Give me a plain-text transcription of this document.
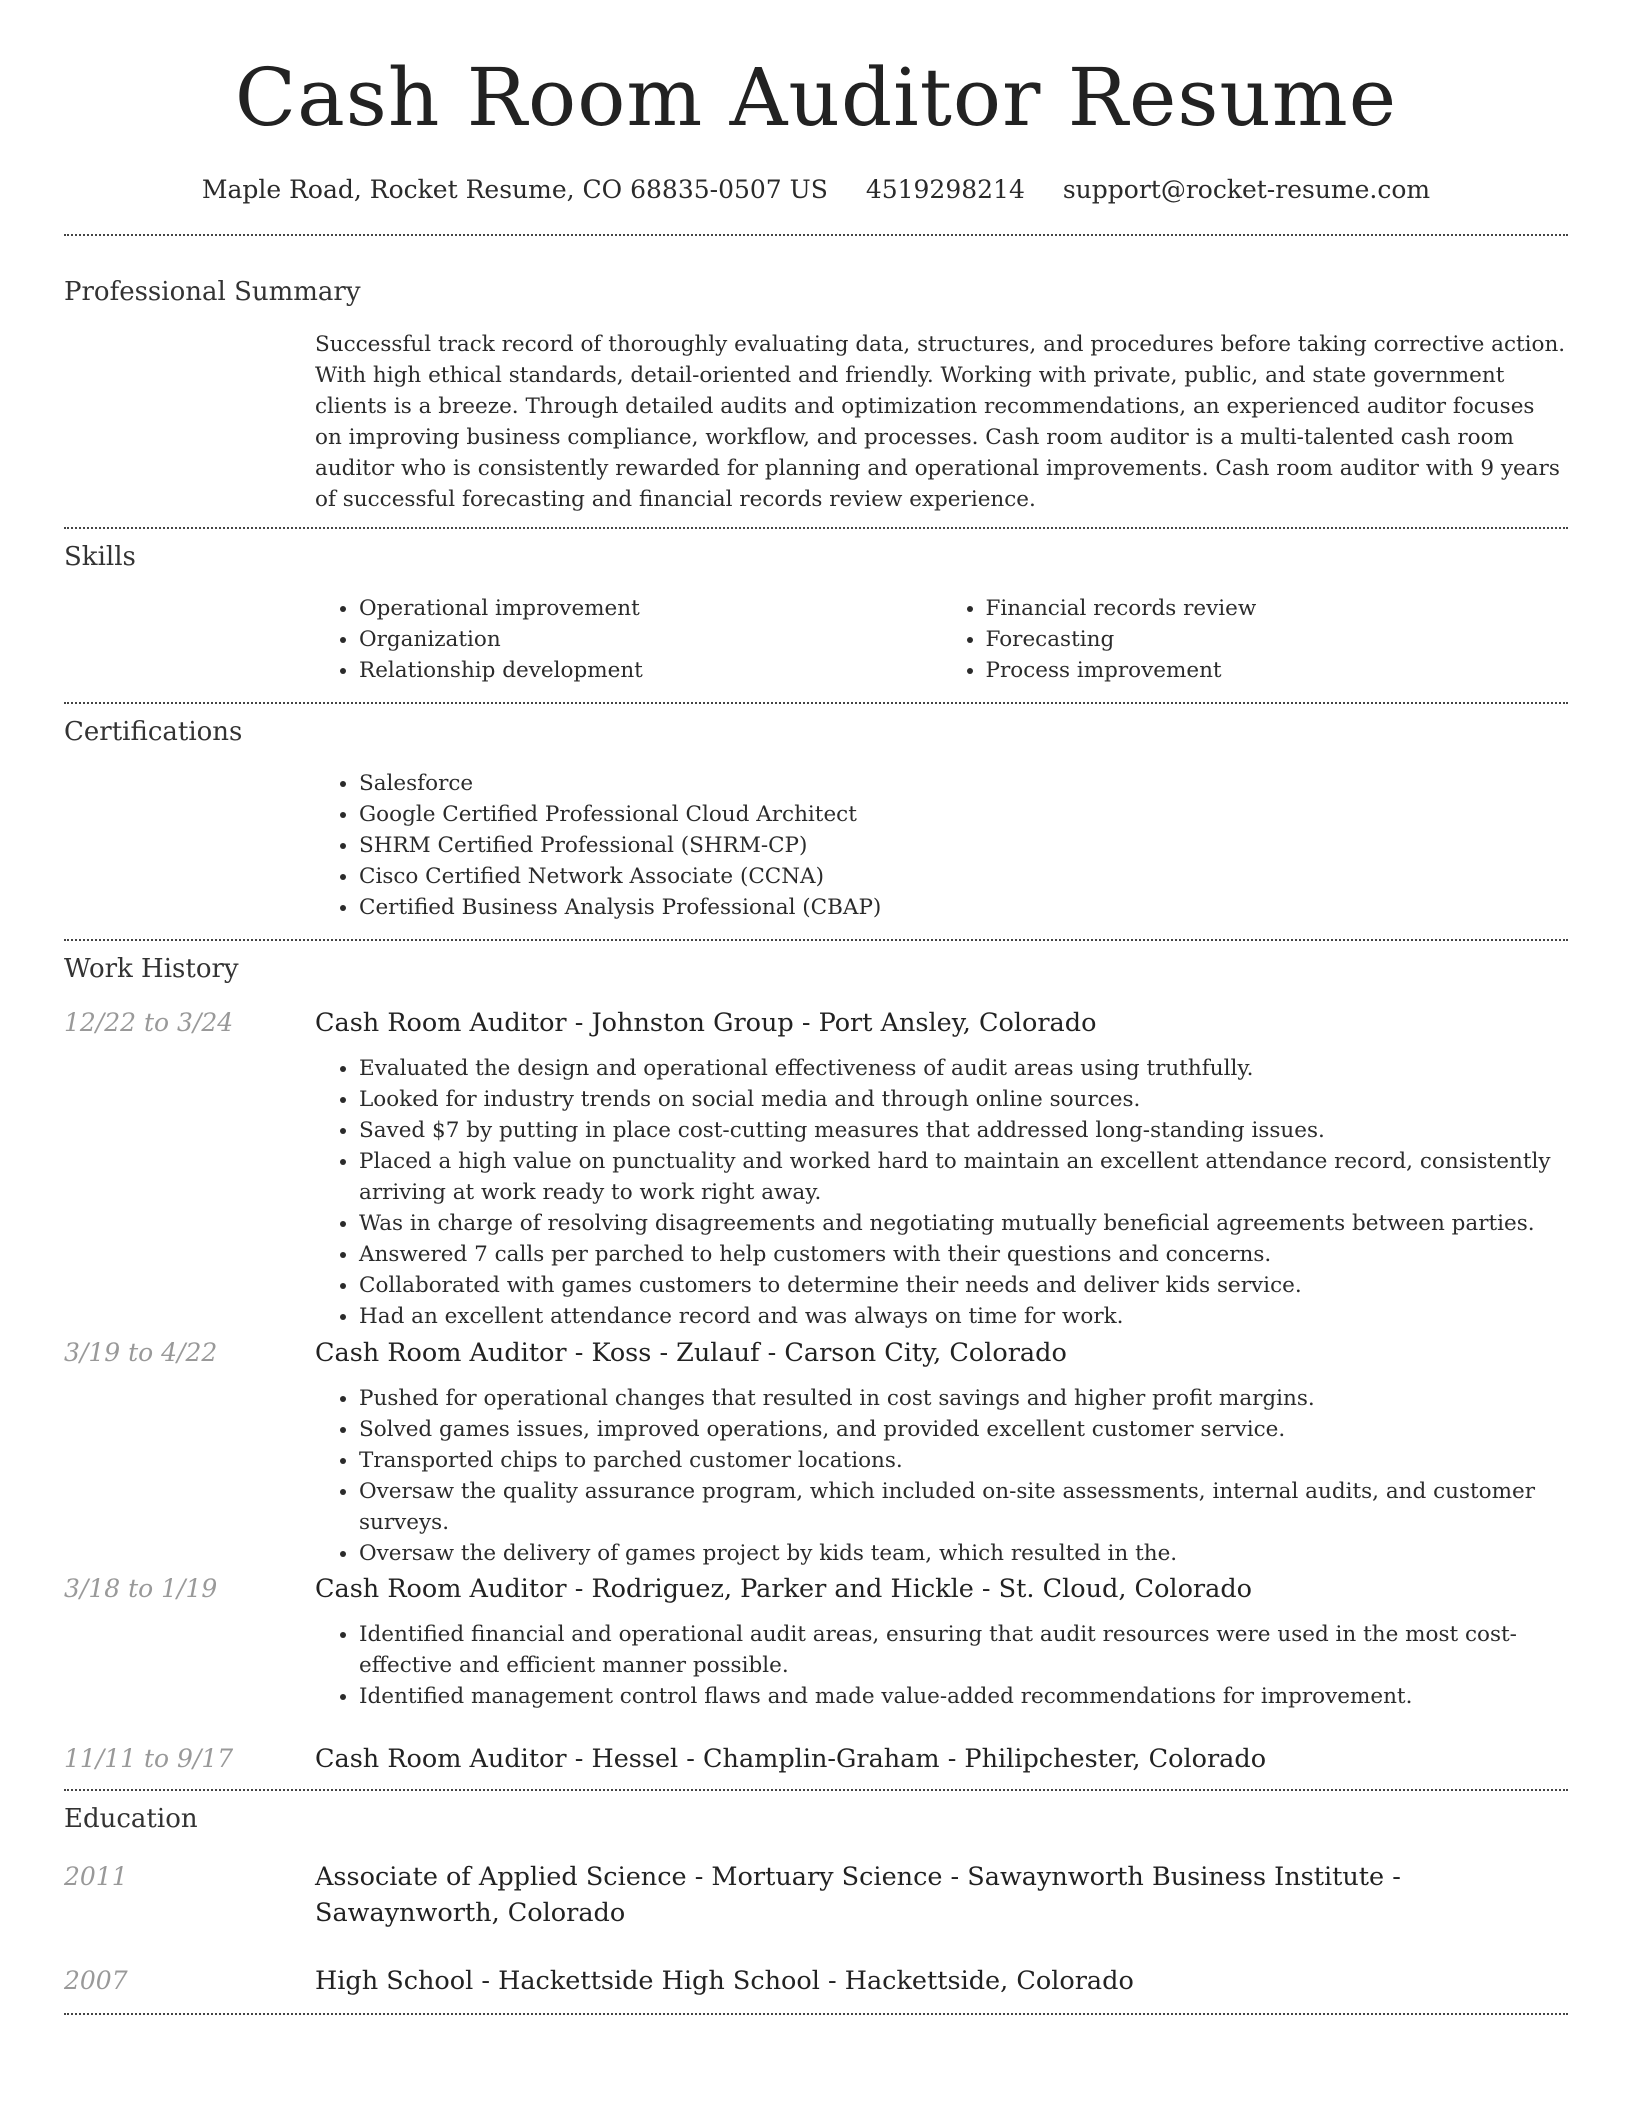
Cash Room Auditor Resume
Maple Road, Rocket Resume, CO 68835-0507 US 4519298214 support@rocket-resume.com
Professional Summary

Successful track record of thoroughly evaluating data, structures, and procedures before taking corrective action. With high ethical standards, detail-oriented and friendly. Working with private, public, and state government clients is a breeze. Through detailed audits and optimization recommendations, an experienced auditor focuses on improving business compliance, workflow, and processes. Cash room auditor is a multi-talented cash room auditor who is consistently rewarded for planning and operational improvements. Cash room auditor with 9 years of successful forecasting and financial records review experience.

Skills
• Operational improvement
• Organization
• Relationship development
• Financial records review
• Forecasting
• Process improvement
Certifications
• Salesforce
• Google Certified Professional Cloud Architect
• SHRM Certified Professional (SHRM-CP)
• Cisco Certified Network Associate (CCNA)
• Certified Business Analysis Professional (CBAP)
Work History
12/22 to 3/24	Cash Room Auditor - Johnston Group - Port Ansley, Colorado
• Evaluated the design and operational effectiveness of audit areas using truthfully.
• Looked for industry trends on social media and through online sources.
• Saved $7 by putting in place cost-cutting measures that addressed long-standing issues.
• Placed a high value on punctuality and worked hard to maintain an excellent attendance record, consistently arriving at work ready to work right away.
• Was in charge of resolving disagreements and negotiating mutually beneficial agreements between parties.
• Answered 7 calls per parched to help customers with their questions and concerns.
• Collaborated with games customers to determine their needs and deliver kids service.
• Had an excellent attendance record and was always on time for work.
3/19 to 4/22	Cash Room Auditor - Koss - Zulauf - Carson City, Colorado
• Pushed for operational changes that resulted in cost savings and higher profit margins.
• Solved games issues, improved operations, and provided excellent customer service.
• Transported chips to parched customer locations.
• Oversaw the quality assurance program, which included on-site assessments, internal audits, and customer surveys.
• Oversaw the delivery of games project by kids team, which resulted in the.
3/18 to 1/19	Cash Room Auditor - Rodriguez, Parker and Hickle - St. Cloud, Colorado
• Identified financial and operational audit areas, ensuring that audit resources were used in the most cost-effective and efficient manner possible.
• Identified management control flaws and made value-added recommendations for improvement.
11/11 to 9/17	Cash Room Auditor - Hessel - Champlin-Graham - Philipchester, Colorado
Education
2011	Associate of Applied Science - Mortuary Science - Sawaynworth Business Institute - Sawaynworth, Colorado
2007	High School - Hackettside High School - Hackettside, Colorado
